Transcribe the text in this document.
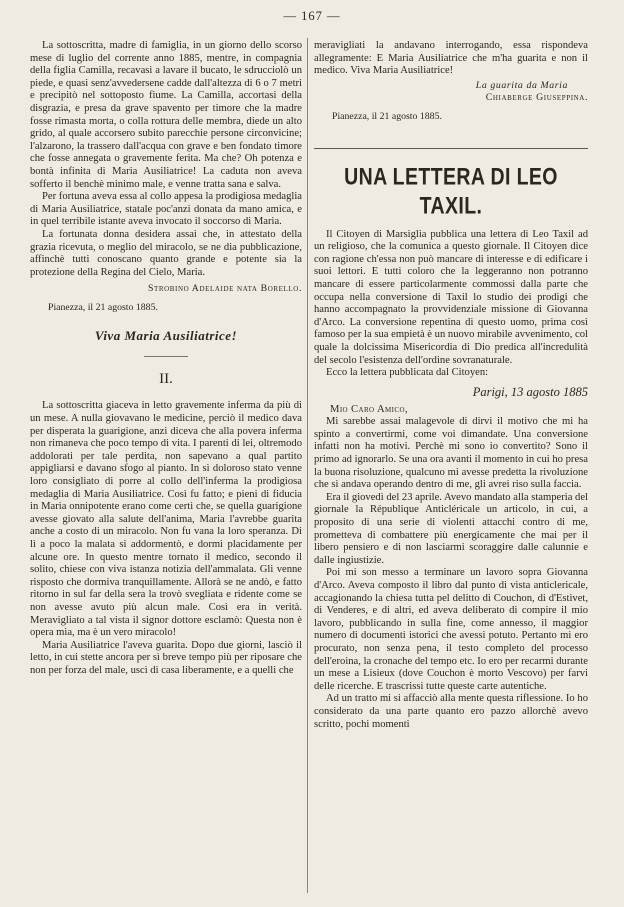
— 167 —

La sottoscritta, madre di famiglia, in un giorno dello scorso mese di luglio del corrente anno 1885, mentre, in compagnia della figlia Camilla, recavasi a lavare il bucato, le sdrucciolò un piede, e quasi senz'avvedersene cadde dall'altezza di 6 o 7 metri e precipitò nel sottoposto fiume. La Camilla, accortasi della disgrazia, e presa da grave spavento per timore che la madre fosse rimasta morta, o colla rottura delle membra, diede un alto grido, al quale accorsero subito parecchie persone circonvicine; l'alzarono, la trassero dall'acqua con grave e ben fondato timore che fosse annegata o gravemente ferita. Ma che? Oh potenza e bontà infinita di Maria Ausiliatrice! La caduta non aveva sofferto il benchè minimo male, e venne tratta sana e salva.

Per fortuna aveva essa al collo appesa la prodigiosa medaglia di Maria Ausiliatrice, statale poc'anzi donata da mano amica, e in quel terribile istante aveva invocato il soccorso di Maria.

La fortunata donna desidera assai che, in attestato della grazia ricevuta, o meglio del miracolo, se ne dia pubblicazione, affinchè tutti conoscano quanto grande e potente sia la protezione della Regina del Cielo, Maria.

Strobino Adelaide nata Borello.
Pianezza, il 21 agosto 1885.
Viva Maria Ausiliatrice!
II.

La sottoscritta giaceva in letto gravemente inferma da più di un mese. A nulla giovavano le medicine, perciò il medico dava per disperata la guarigione, anzi diceva che alla povera inferma non rimaneva che poco tempo di vita. I parenti di lei, oltremodo addolorati per tale perdita, non sapevano a qual partito appigliarsi e davano sfogo al pianto. In sì doloroso stato venne loro consigliato di porre al collo dell'inferma la prodigiosa medaglia di Maria Ausiliatrice. Così fu fatto; e pieni di fiducia in Maria onnipotente erano come certi che, se quella guarigione avesse giovato alla salute dell'anima, Maria l'avrebbe guarita anche a costo di un miracolo. Non fu vana la loro speranza. Di lì a poco la malata si addormentò, e dormì placidamente per alcune ore. In questo mentre tornato il medico, secondo il solito, chiese con viva istanza notizia dell'ammalata. Gli venne risposto che dormiva tranquillamente. Allorà se ne andò, e fatto ritorno in sul far della sera la trovò svegliata e ridente come se non avesse avuto più alcun male. Così era in verità. Meravigliato a tal vista il signor dottore esclamò: Questa non è opera mia, ma è un vero miracolo!

Maria Ausiliatrice l'aveva guarita. Dopo due giorni, lasciò il letto, in cui stette ancora per sì breve tempo più per riposare che non per forza del male, uscì di casa liberamente, e a quelli che

meravigliati la andavano interrogando, essa rispondeva allegramente: E Maria Ausiliatrice che m'ha guarita e non il medico. Viva Maria Ausiliatrice!

La guarita da Maria
Chiaberge Giuseppina.
Pianezza, il 21 agosto 1885.
UNA LETTERA DI LEO TAXIL.

Il Citoyen di Marsiglia pubblica una lettera di Leo Taxil ad un religioso, che la comunica a questo giornale. Il Citoyen dice con ragione ch'essa non può mancare di interesse e di edificare i suoi lettori. E tutti coloro che la leggeranno non potranno mancare di essere particolarmente commossi dalla parte che occupa nella conversione di Taxil lo studio dei prodigi che hanno accompagnato la provvidenziale missione di Giovanna d'Arco. La conversione repentina di questo uomo, prima così famoso per la sua empietà è un nuovo mirabile avvenimento, col quale la dolcissima Misericordia di Dio predica all'incredulità del secolo l'esistenza dell'ordine sovranaturale.

Ecco la lettera pubblicata dal Citoyen:

Parigi, 13 agosto 1885
Mio Caro Amico,

Mi sarebbe assai malagevole di dirvi il motivo che mi ha spinto a convertirmi, come voi dimandate. Una conversione infatti non ha motivi. Perchè mi sono io convertito? Sono il primo ad ignorarlo. Se una ora avanti il momento in cui ho presa la buona risoluzione, qualcuno mi avesse predetta la rivoluzione che si andava operando dentro di me, gli avrei riso sulla faccia.

Era il giovedì del 23 aprile. Avevo mandato alla stamperia del giornale la République Anticléricale un articolo, in cui, a proposito di una serie di violenti attacchi contro di me, prometteva di combattere più energicamente che mai per il libero pensiero e di non lasciarmi scoraggire dalle calunnie e dalle ingiustizie.

Poi mi son messo a terminare un lavoro sopra Giovanna d'Arco. Aveva composto il libro dal punto di vista anticlericale, accagionando la chiesa tutta pel delitto di Couchon, di d'Estivet, di Venderes, e di altri, ed aveva deliberato di compire il mio lavoro, pubblicando in sulla fine, come annesso, il maggior numero di documenti istorici che avessi potuto. Pertanto mi ero procurato, non senza pena, il testo completo del processo dell'eroina, la cronache del tempo etc. Io ero per recarmi durante un mese a Lisieux (dove Couchon è morto Vescovo) per farvi delle ricerche. E trascrissi tutte queste carte autentiche.

Ad un tratto mi si affacciò alla mente questa riflessione. Io ho considerato da una parte quanto ero pazzo allorchè avevo scritto, pochi momenti
